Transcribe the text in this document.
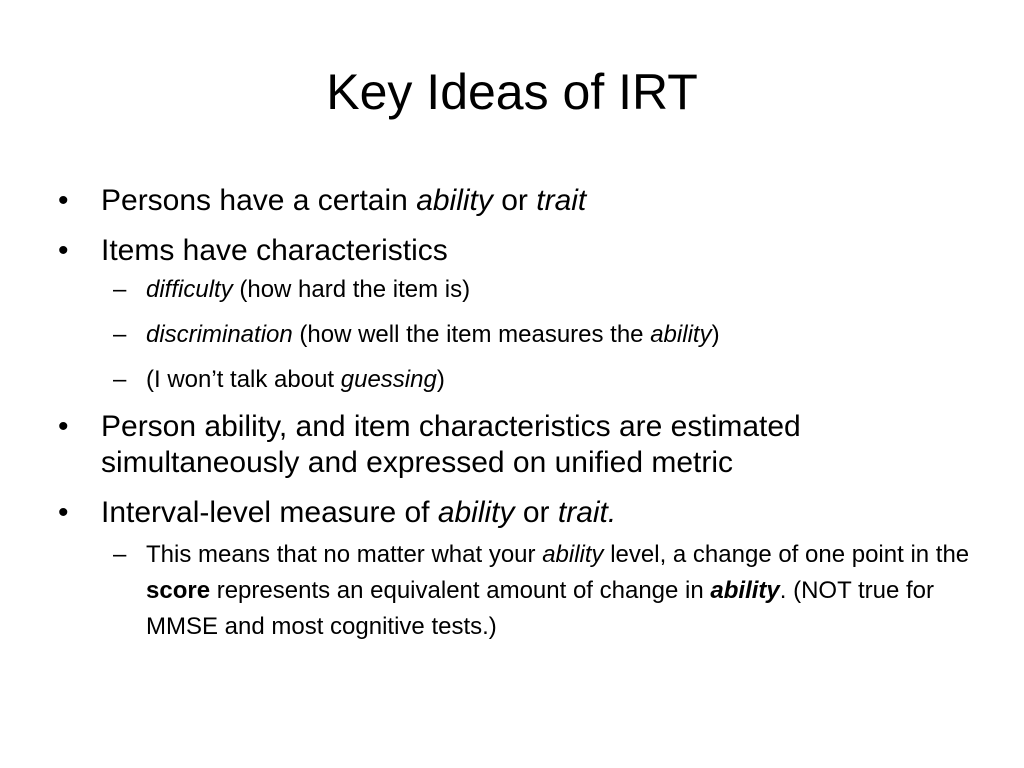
Key Ideas of IRT
•	Persons have a certain ability or trait
•	Items have characteristics
– difficulty (how hard the item is)
– discrimination (how well the item measures the ability)
– (I won’t talk about guessing)
•	Person ability, and item characteristics are estimated simultaneously and expressed on unified metric
•	Interval-level measure of ability or trait.
– This means that no matter what your ability level, a change of one point in the score represents an equivalent amount of change in ability. (NOT true for MMSE and most cognitive tests.)
